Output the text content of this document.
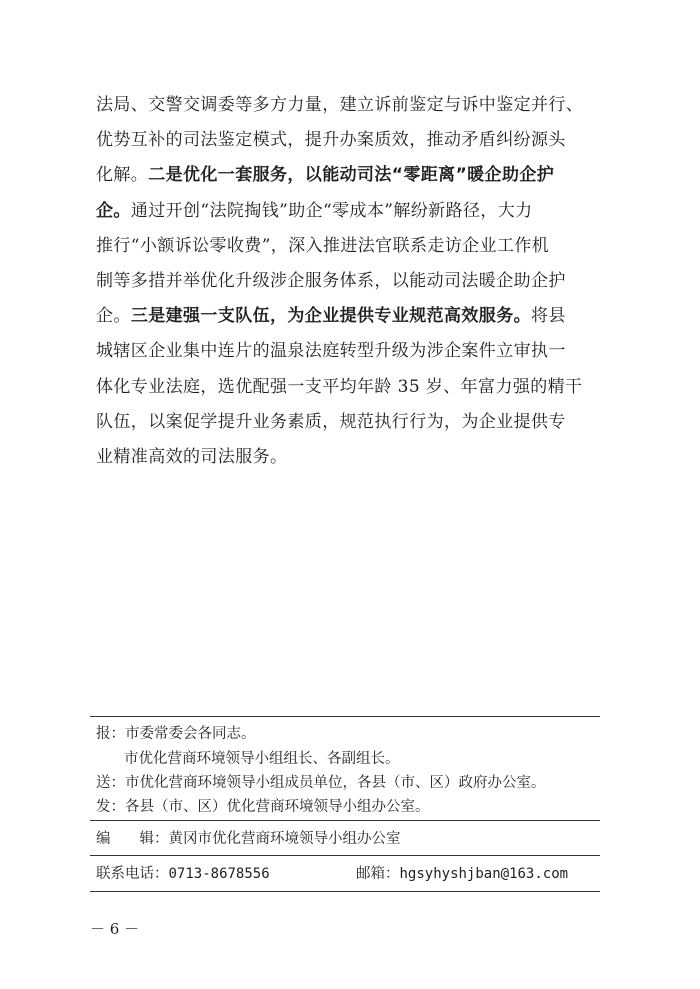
法局、交警交调委等多方力量，建立诉前鉴定与诉中鉴定并行、
优势互补的司法鉴定模式，提升办案质效，推动矛盾纠纷源头
化解。二是优化一套服务，以能动司法“零距离”暖企助企护
企。通过开创“法院掏钱”助企“零成本”解纷新路径，大力
推行“小额诉讼零收费”，深入推进法官联系走访企业工作机
制等多措并举优化升级涉企服务体系，以能动司法暖企助企护
企。三是建强一支队伍，为企业提供专业规范高效服务。将县
城辖区企业集中连片的温泉法庭转型升级为涉企案件立审执一
体化专业法庭，选优配强一支平均年龄 35 岁、年富力强的精干
队伍，以案促学提升业务素质，规范执行行为，为企业提供专
业精准高效的司法服务。
报：市委常委会各同志。
市优化营商环境领导小组组长、各副组长。
送：市优化营商环境领导小组成员单位，各县（市、区）政府办公室。
发：各县（市、区）优化营商环境领导小组办公室。
编　　辑：黄冈市优化营商环境领导小组办公室
联系电话：0713-8678556	邮箱：hgsyhyshjban@163.com
－ 6 －
